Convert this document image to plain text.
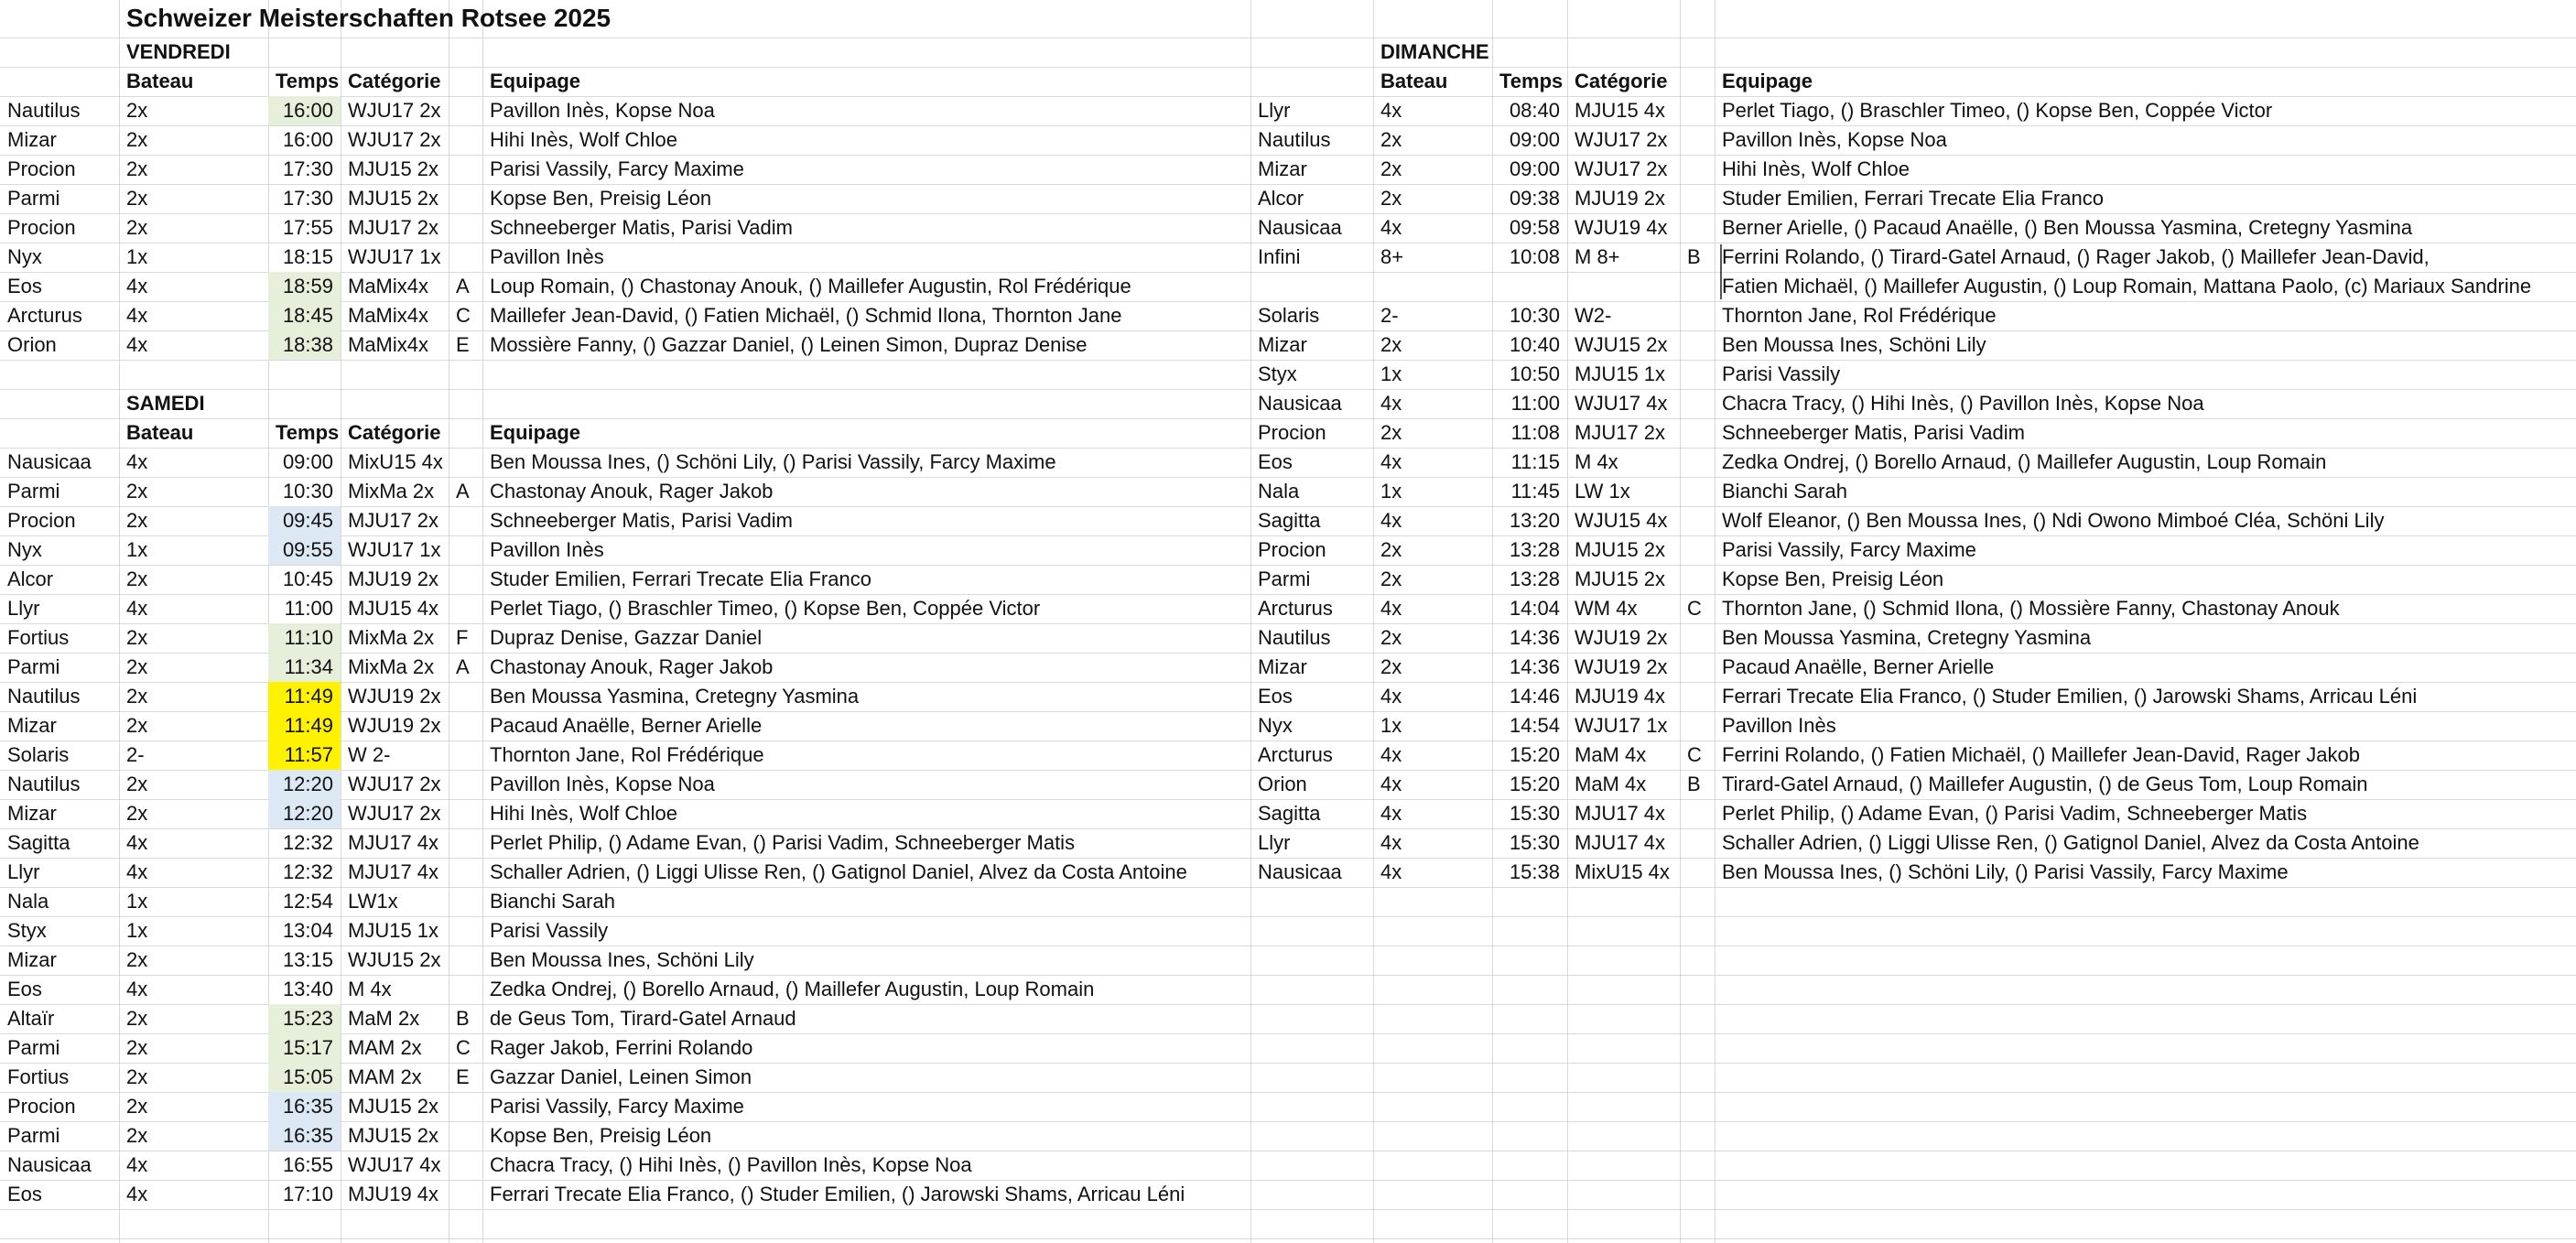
Schweizer Meisterschaften Rotsee 2025
VENDREDI
Bateau	Temps Catégorie	Equipage
Nautilus	2x	16:00 WJU17 2x	Pavillon Inès, Kopse Noa
Mizar	2x	16:00 WJU17 2x	Hihi Inès, Wolf Chloe
Procion	2x	17:30 MJU15 2x	Parisi Vassily, Farcy Maxime
Parmi	2x	17:30 MJU15 2x	Kopse Ben, Preisig Léon
Procion	2x	17:55 MJU17 2x	Schneeberger Matis, Parisi Vadim
Nyx	1x	18:15 WJU17 1x	Pavillon Inès
Eos	4x	18:59 MaMix4x	A	Loup Romain, () Chastonay Anouk, () Maillefer Augustin, Rol Frédérique
Arcturus	4x	18:45 MaMix4x	C Maillefer Jean-David, () Fatien Michaël, () Schmid Ilona, Thornton Jane
Orion	4x	18:38 MaMix4x	E	Mossière Fanny, () Gazzar Daniel, () Leinen Simon, Dupraz Denise
SAMEDI
Bateau	Temps Catégorie	Equipage
Nausicaa	4x	09:00 MixU15 4x	Ben Moussa Ines, () Schöni Lily, () Parisi Vassily, Farcy Maxime
Parmi	2x	10:30 MixMa 2x	A	Chastonay Anouk, Rager Jakob
Procion	2x	09:45 MJU17 2x	Schneeberger Matis, Parisi Vadim
Nyx	1x	09:55 WJU17 1x	Pavillon Inès
Alcor	2x	10:45 MJU19 2x	Studer Emilien, Ferrari Trecate Elia Franco
Llyr	4x	11:00 MJU15 4x	Perlet Tiago, () Braschler Timeo, () Kopse Ben, Coppée Victor
Fortius	2x	11:10 MixMa 2x	F	Dupraz Denise, Gazzar Daniel
Parmi	2x	11:34 MixMa 2x	A	Chastonay Anouk, Rager Jakob
Nautilus	2x	11:49 WJU19 2x	Ben Moussa Yasmina, Cretegny Yasmina
Mizar	2x	11:49 WJU19 2x	Pacaud Anaëlle, Berner Arielle
Solaris	2-	11:57 W 2-	Thornton Jane, Rol Frédérique
Nautilus	2x	12:20 WJU17 2x	Pavillon Inès, Kopse Noa
Mizar	2x	12:20 WJU17 2x	Hihi Inès, Wolf Chloe
Sagitta	4x	12:32 MJU17 4x	Perlet Philip, () Adame Evan, () Parisi Vadim, Schneeberger Matis
Llyr	4x	12:32 MJU17 4x	Schaller Adrien, () Liggi Ulisse Ren, () Gatignol Daniel, Alvez da Costa Antoine
Nala	1x	12:54 LW1x	Bianchi Sarah
Styx	1x	13:04 MJU15 1x	Parisi Vassily
Mizar	2x	13:15 WJU15 2x	Ben Moussa Ines, Schöni Lily
Eos	4x	13:40 M 4x	Zedka Ondrej, () Borello Arnaud, () Maillefer Augustin, Loup Romain
Altaïr	2x	15:23 MaM 2x	B	de Geus Tom, Tirard-Gatel Arnaud
Parmi	2x	15:17 MAM 2x	C Rager Jakob, Ferrini Rolando
Fortius	2x	15:05 MAM 2x	E	Gazzar Daniel, Leinen Simon
Procion	2x	16:35 MJU15 2x	Parisi Vassily, Farcy Maxime
Parmi	2x	16:35 MJU15 2x	Kopse Ben, Preisig Léon
Nausicaa	4x	16:55 WJU17 4x	Chacra Tracy, () Hihi Inès, () Pavillon Inès, Kopse Noa
Eos	4x	17:10 MJU19 4x	Ferrari Trecate Elia Franco, () Studer Emilien, () Jarowski Shams, Arricau Léni
DIMANCHE
Bateau	Temps Catégorie	Equipage
Llyr	4x	08:40 MJU15 4x	Perlet Tiago, () Braschler Timeo, () Kopse Ben, Coppée Victor
Nautilus	2x	09:00 WJU17 2x	Pavillon Inès, Kopse Noa
Mizar	2x	09:00 WJU17 2x	Hihi Inès, Wolf Chloe
Alcor	2x	09:38 MJU19 2x	Studer Emilien, Ferrari Trecate Elia Franco
Nausicaa	4x	09:58 WJU19 4x	Berner Arielle, () Pacaud Anaëlle, () Ben Moussa Yasmina, Cretegny Yasmina
Infini	8+	10:08 M 8+	B	Ferrini Rolando, () Tirard-Gatel Arnaud, () Rager Jakob, () Maillefer Jean-David,
Fatien Michaël, () Maillefer Augustin, () Loup Romain, Mattana Paolo, (c) Mariaux Sandrine
Solaris	2-	10:30 W2-	Thornton Jane, Rol Frédérique
Mizar	2x	10:40 WJU15 2x	Ben Moussa Ines, Schöni Lily
Styx	1x	10:50 MJU15 1x	Parisi Vassily
Nausicaa	4x	11:00 WJU17 4x	Chacra Tracy, () Hihi Inès, () Pavillon Inès, Kopse Noa
Procion	2x	11:08 MJU17 2x	Schneeberger Matis, Parisi Vadim
Eos	4x	11:15 M 4x	Zedka Ondrej, () Borello Arnaud, () Maillefer Augustin, Loup Romain
Nala	1x	11:45 LW 1x	Bianchi Sarah
Sagitta	4x	13:20 WJU15 4x	Wolf Eleanor, () Ben Moussa Ines, () Ndi Owono Mimboé Cléa, Schöni Lily
Procion	2x	13:28 MJU15 2x	Parisi Vassily, Farcy Maxime
Parmi	2x	13:28 MJU15 2x	Kopse Ben, Preisig Léon
Arcturus	4x	14:04 WM 4x	C	Thornton Jane, () Schmid Ilona, () Mossière Fanny, Chastonay Anouk
Nautilus	2x	14:36 WJU19 2x	Ben Moussa Yasmina, Cretegny Yasmina
Mizar	2x	14:36 WJU19 2x	Pacaud Anaëlle, Berner Arielle
Eos	4x	14:46 MJU19 4x	Ferrari Trecate Elia Franco, () Studer Emilien, () Jarowski Shams, Arricau Léni
Nyx	1x	14:54 WJU17 1x	Pavillon Inès
Arcturus	4x	15:20 MaM 4x	C	Ferrini Rolando, () Fatien Michaël, () Maillefer Jean-David, Rager Jakob
Orion	4x	15:20 MaM 4x	B	Tirard-Gatel Arnaud, () Maillefer Augustin, () de Geus Tom, Loup Romain
Sagitta	4x	15:30 MJU17 4x	Perlet Philip, () Adame Evan, () Parisi Vadim, Schneeberger Matis
Llyr	4x	15:30 MJU17 4x	Schaller Adrien, () Liggi Ulisse Ren, () Gatignol Daniel, Alvez da Costa Antoine
Nausicaa	4x	15:38 MixU15 4x	Ben Moussa Ines, () Schöni Lily, () Parisi Vassily, Farcy Maxime
